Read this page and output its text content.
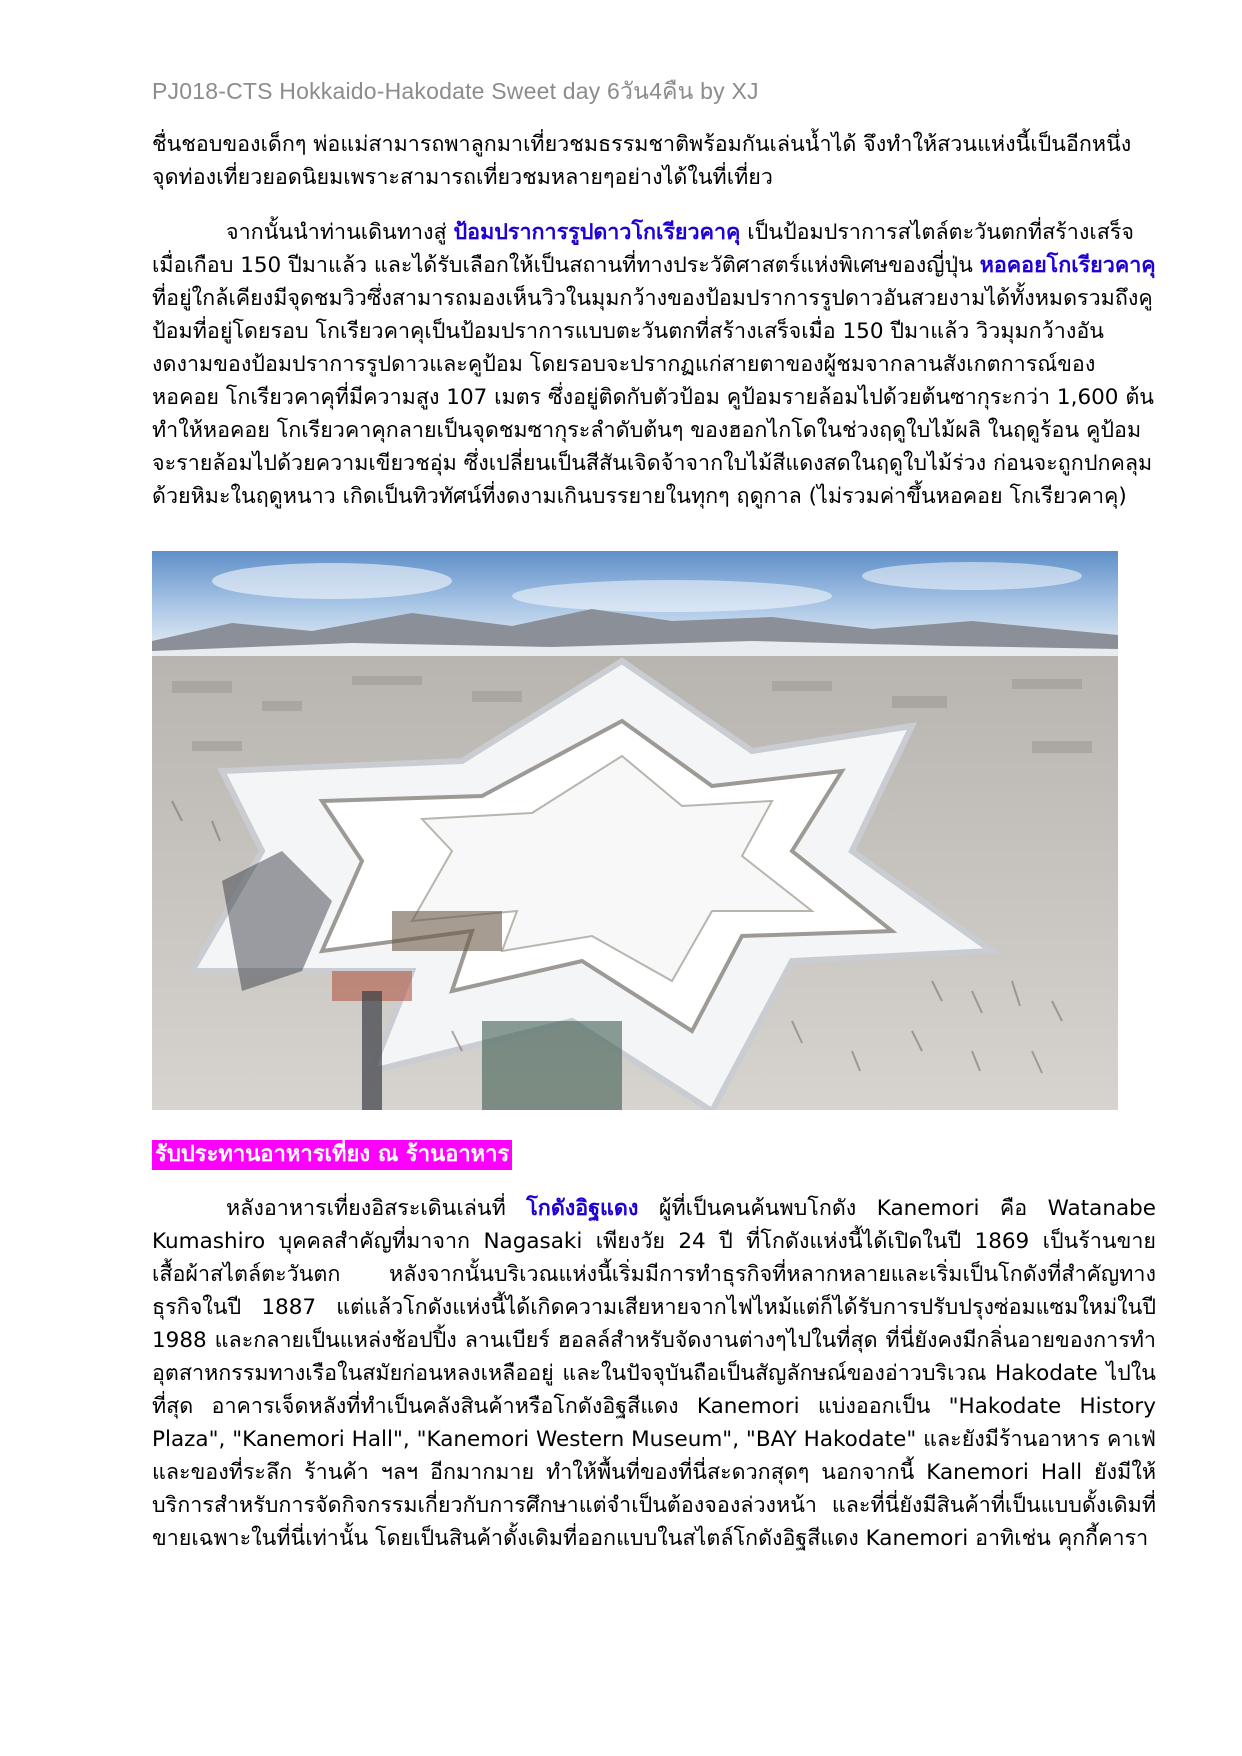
PJ018-CTS Hokkaido-Hakodate Sweet day 6วัน4คืน by XJ

ชื่นชอบของเด็กๆ พ่อแม่สามารถพาลูกมาเที่ยวชมธรรมชาติพร้อมกันเล่นน้ำได้ จึงทำให้สวนแห่งนี้เป็นอีกหนึ่งจุดท่องเที่ยวยอดนิยมเพราะสามารถเที่ยวชมหลายๆอย่างได้ในที่เที่ยว

จากนั้นนำท่านเดินทางสู่ ป้อมปราการรูปดาวโกเรียวคาคุ เป็นป้อมปราการสไตล์ตะวันตกที่สร้างเสร็จเมื่อเกือบ 150 ปีมาแล้ว และได้รับเลือกให้เป็นสถานที่ทางประวัติศาสตร์แห่งพิเศษของญี่ปุ่น หอคอยโกเรียวคาคุที่อยู่ใกล้เคียงมีจุดชมวิวซึ่งสามารถมองเห็นวิวในมุมกว้างของป้อมปราการรูปดาวอันสวยงามได้ทั้งหมดรวมถึงคูป้อมที่อยู่โดยรอบ โกเรียวคาคุเป็นป้อมปราการแบบตะวันตกที่สร้างเสร็จเมื่อ 150 ปีมาแล้ว วิวมุมกว้างอันงดงามของป้อมปราการรูปดาวและคูป้อม โดยรอบจะปรากฏแก่สายตาของผู้ชมจากลานสังเกตการณ์ของหอคอย โกเรียวคาคุที่มีความสูง 107 เมตร ซึ่งอยู่ติดกับตัวป้อม คูป้อมรายล้อมไปด้วยต้นซากุระกว่า 1,600 ต้น ทำให้หอคอย โกเรียวคาคุกลายเป็นจุดชมซากุระลำดับต้นๆ ของฮอกไกโดในช่วงฤดูใบไม้ผลิ ในฤดูร้อน คูป้อมจะรายล้อมไปด้วยความเขียวชอุ่ม ซึ่งเปลี่ยนเป็นสีสันเจิดจ้าจากใบไม้สีแดงสดในฤดูใบไม้ร่วง ก่อนจะถูกปกคลุมด้วยหิมะในฤดูหนาว เกิดเป็นทิวทัศน์ที่งดงามเกินบรรยายในทุกๆ ฤดูกาล (ไม่รวมค่าขึ้นหอคอย โกเรียวคาคุ)

รับประทานอาหารเที่ยง ณ ร้านอาหาร

หลังอาหารเที่ยงอิสระเดินเล่นที่ โกดังอิฐแดง ผู้ที่เป็นคนค้นพบโกดัง Kanemori คือ Watanabe Kumashiro บุคคลสำคัญที่มาจาก Nagasaki เพียงวัย 24 ปี ที่โกดังแห่งนี้ได้เปิดในปี 1869 เป็นร้านขายเสื้อผ้าสไตล์ตะวันตก หลังจากนั้นบริเวณแห่งนี้เริ่มมีการทำธุรกิจที่หลากหลายและเริ่มเป็นโกดังที่สำคัญทางธุรกิจในปี 1887 แต่แล้วโกดังแห่งนี้ได้เกิดความเสียหายจากไฟไหม้แต่ก็ได้รับการปรับปรุงซ่อมแซมใหม่ในปี 1988 และกลายเป็นแหล่งช้อปปิ้ง ลานเบียร์ ฮอลล์สำหรับจัดงานต่างๆไปในที่สุด ที่นี่ยังคงมีกลิ่นอายของการทำอุตสาหกรรมทางเรือในสมัยก่อนหลงเหลืออยู่ และในปัจจุบันถือเป็นสัญลักษณ์ของอ่าวบริเวณ Hakodate ไปในที่สุด อาคารเจ็ดหลังที่ทำเป็นคลังสินค้าหรือโกดังอิฐสีแดง Kanemori แบ่งออกเป็น "Hakodate History Plaza", "Kanemori Hall", "Kanemori Western Museum", "BAY Hakodate" และยังมีร้านอาหาร คาเฟ่และของที่ระลึก ร้านค้า ฯลฯ อีกมากมาย ทำให้พื้นที่ของที่นี่สะดวกสุดๆ นอกจากนี้ Kanemori Hall ยังมีให้บริการสำหรับการจัดกิจกรรมเกี่ยวกับการศึกษาแต่จำเป็นต้องจองล่วงหน้า และที่นี่ยังมีสินค้าที่เป็นแบบดั้งเดิมที่ขายเฉพาะในที่นี่เท่านั้น โดยเป็นสินค้าดั้งเดิมที่ออกแบบในสไตล์โกดังอิฐสีแดง Kanemori อาทิเช่น คุกกี้คารา
